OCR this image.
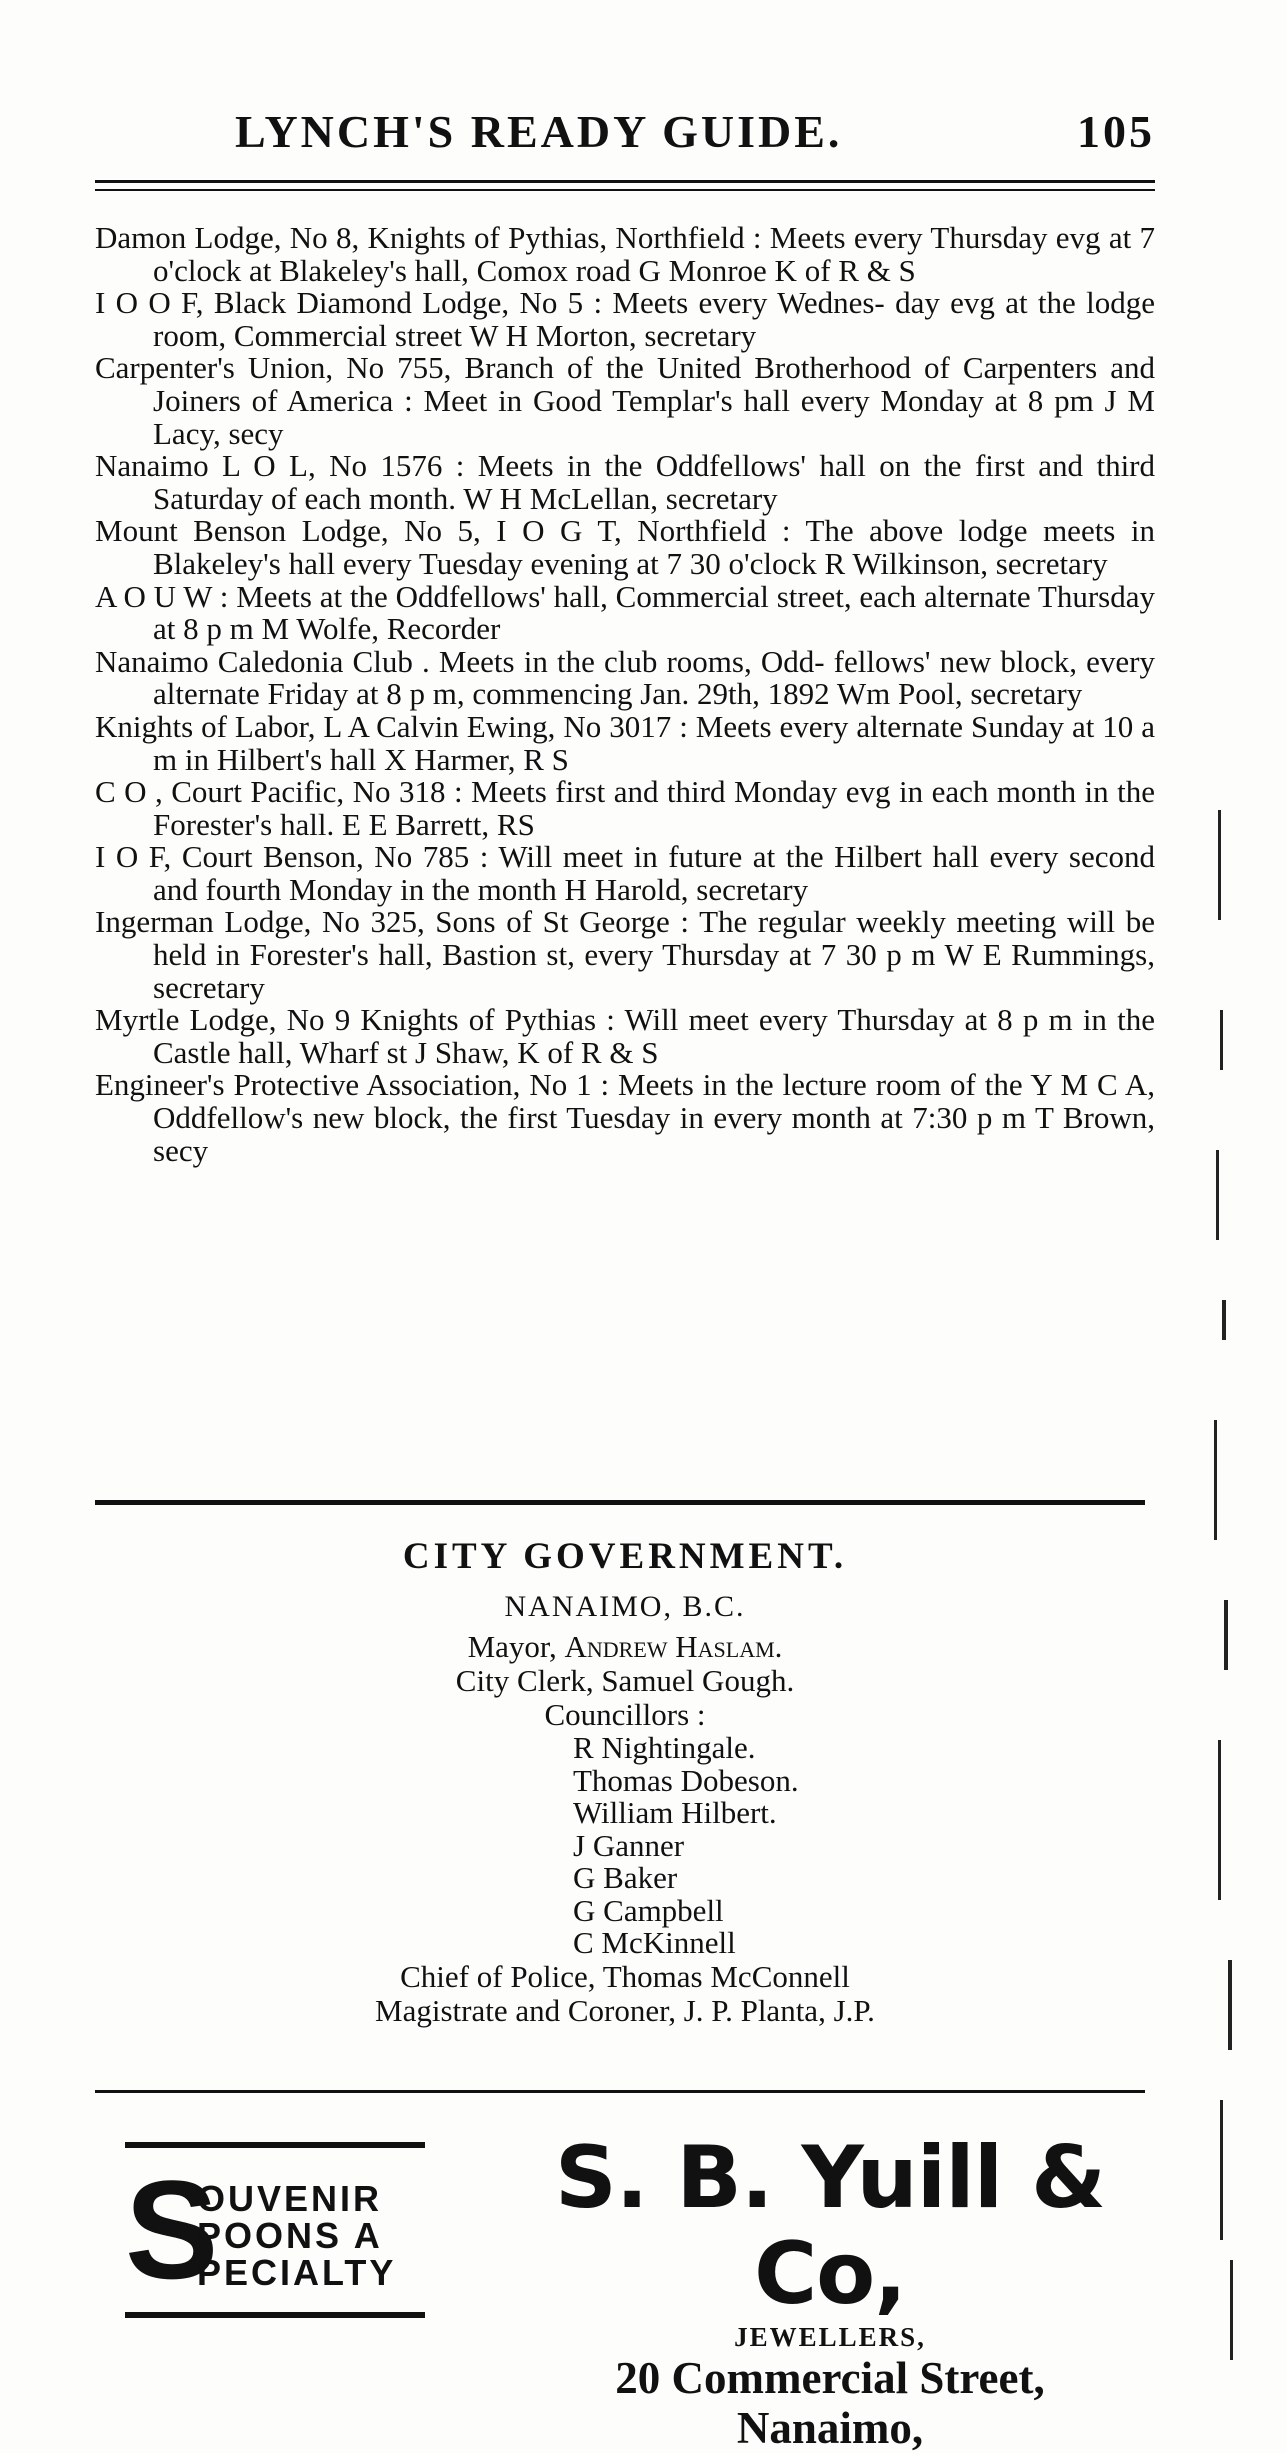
LYNCH'S READY GUIDE.	105
Damon Lodge, No 8, Knights of Pythias, Northfield : Meets every Thursday evg at 7 o'clock at Blakeley's hall, Comox road G Monroe K of R & S
I O O F, Black Diamond Lodge, No 5 : Meets every Wednes- day evg at the lodge room, Commercial street W H Morton, secretary
Carpenter's Union, No 755, Branch of the United Brotherhood of Carpenters and Joiners of America : Meet in Good Templar's hall every Monday at 8 pm J M Lacy, secy
Nanaimo L O L, No 1576 : Meets in the Oddfellows' hall on the first and third Saturday of each month. W H McLellan, secretary
Mount Benson Lodge, No 5, I O G T, Northfield : The above lodge meets in Blakeley's hall every Tuesday evening at 7 30 o'clock R Wilkinson, secretary
A O U W : Meets at the Oddfellows' hall, Commercial street, each alternate Thursday at 8 p m M Wolfe, Recorder
Nanaimo Caledonia Club . Meets in the club rooms, Odd- fellows' new block, every alternate Friday at 8 p m, commencing Jan. 29th, 1892 Wm Pool, secretary
Knights of Labor, L A Calvin Ewing, No 3017 : Meets every alternate Sunday at 10 a m in Hilbert's hall X Harmer, R S
C O , Court Pacific, No 318 : Meets first and third Monday evg in each month in the Forester's hall. E E Barrett, RS
I O F, Court Benson, No 785 : Will meet in future at the Hilbert hall every second and fourth Monday in the month H Harold, secretary
Ingerman Lodge, No 325, Sons of St George : The regular weekly meeting will be held in Forester's hall, Bastion st, every Thursday at 7 30 p m W E Rummings, secretary
Myrtle Lodge, No 9 Knights of Pythias : Will meet every Thursday at 8 p m in the Castle hall, Wharf st J Shaw, K of R & S
Engineer's Protective Association, No 1 : Meets in the lecture room of the Y M C A, Oddfellow's new block, the first Tuesday in every month at 7:30 p m T Brown, secy
CITY GOVERNMENT.
NANAIMO, B.C.
Mayor, Andrew Haslam.
City Clerk, Samuel Gough.
Councillors :
R Nightingale.
Thomas Dobeson.
William Hilbert.
J Ganner
G Baker
G Campbell
C McKinnell
Chief of Police, Thomas McConnell
Magistrate and Coroner, J. P. Planta, J.P.
S
OUVENIR
POONS A
PECIALTY
S. B. Yuill & Co,
JEWELLERS,
20 Commercial Street,
Nanaimo,
